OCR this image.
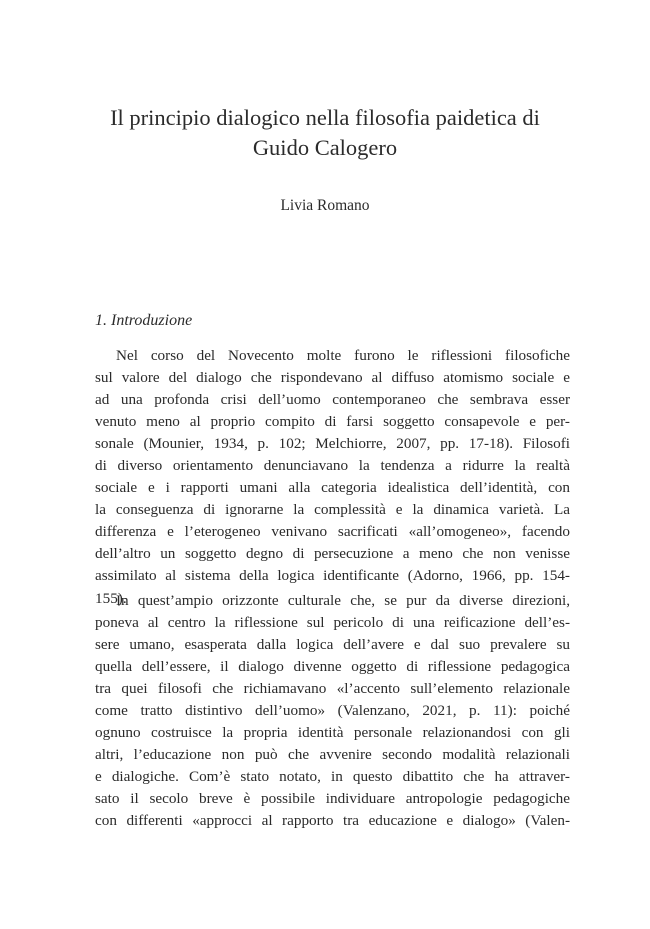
Il principio dialogico nella filosofia paidetica di
Guido Calogero

Livia Romano

1. Introduzione
Nel corso del Novecento molte furono le riflessioni filosofiche
sul valore del dialogo che rispondevano al diffuso atomismo sociale e
ad una profonda crisi dell’uomo contemporaneo che sembrava esser
venuto meno al proprio compito di farsi soggetto consapevole e per-
sonale (Mounier, 1934, p. 102; Melchiorre, 2007, pp. 17-18). Filosofi
di diverso orientamento denunciavano la tendenza a ridurre la realtà
sociale e i rapporti umani alla categoria idealistica dell’identità, con
la conseguenza di ignorarne la complessità e la dinamica varietà. La
differenza e l’eterogeneo venivano sacrificati «all’omogeneo», facendo
dell’altro un soggetto degno di persecuzione a meno che non venisse
assimilato al sistema della logica identificante (Adorno, 1966, pp. 154-
155).
In quest’ampio orizzonte culturale che, se pur da diverse direzioni,
poneva al centro la riflessione sul pericolo di una reificazione dell’es-
sere umano, esasperata dalla logica dell’avere e dal suo prevalere su
quella dell’essere, il dialogo divenne oggetto di riflessione pedagogica
tra quei filosofi che richiamavano «l’accento sull’elemento relazionale
come tratto distintivo dell’uomo» (Valenzano, 2021, p. 11): poiché
ognuno costruisce la propria identità personale relazionandosi con gli
altri, l’educazione non può che avvenire secondo modalità relazionali
e dialogiche. Com’è stato notato, in questo dibattito che ha attraver-
sato il secolo breve è possibile individuare antropologie pedagogiche
con differenti «approcci al rapporto tra educazione e dialogo» (Valen-
